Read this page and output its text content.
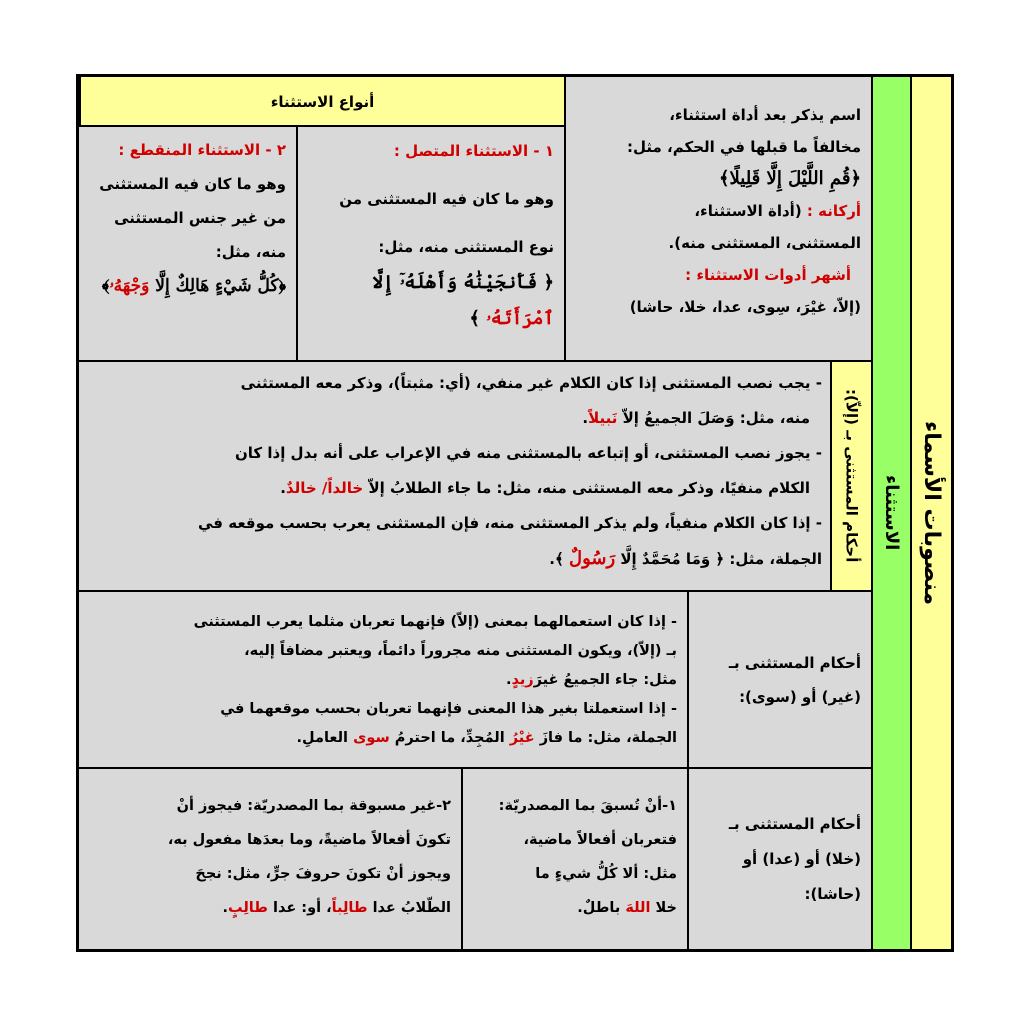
منصوبات الأسماء
الاستثناء
اسم يذكر بعد أداة استثناء،
مخالفاً ما قبلها في الحكم، مثل:
﴿قُمِ اللَّيْلَ إِلَّا قَلِيلًا﴾
أركانه : (أداة الاستثناء،
المستثنى، المستثنى منه).
أشهر أدوات الاستثناء :
(إلاّ، غيْرَ، سِوى، عدا، خلا، حاشا)
أنواع الاستثناء
١ - الاستثناء المتصل :
وهو ما كان فيه المستثنى من
نوع المستثنى منه، مثل:
﴿ فَأَنجَيْنَٰهُ وَأَهْلَهُۥٓ إِلَّا ٱمْرَأَتَهُۥ ﴾
٢ - الاستثناء المنقطع :
وهو ما كان فيه المستثنى
من غير جنس المستثنى
منه، مثل:
﴿كُلُّ شَيْءٍ هَالِكٌ إِلَّا وَجْهَهُۥ﴾
أحكام المستثنى بـ (إلاّ):
- يجب نصب المستثنى إذا كان الكلام غير منفي، (أي: مثبتاً)، وذكر معه المستثنى
منه، مثل: وَصَلَ الجميعُ إلاّ نَبيلاً.
- يجوز نصب المستثنى، أو إتباعه بالمستثنى منه في الإعراب على أنه بدل إذا كان
الكلام منفيًا، وذكر معه المستثنى منه، مثل: ما جاء الطلابُ إلاّ خالداً/ خالدٌ.
- إذا كان الكلام منفياً، ولم يذكر المستثنى منه، فإن المستثنى يعرب بحسب موقعه في
الجملة، مثل: ﴿ وَمَا مُحَمَّدٌ إِلَّا رَسُولٌ ﴾.
أحكام المستثنى بـ
(غير) أو (سوى):
- إذا كان استعمالهما بمعنى (إلاّ) فإنهما تعربان مثلما يعرب المستثنى
بـ (إلاّ)، ويكون المستثنى منه مجروراً دائماً، ويعتبر مضافاً إليه،
مثل: جاء الجميعُ غيرَزيدٍ.
- إذا استعملتا بغير هذا المعنى فإنهما تعربان بحسب موقعهما في
الجملة، مثل: ما فازَ غيْرُ المُجِدِّ، ما احترمُ سوى العاملِ.
أحكام المستثنى بـ
(خلا) أو (عدا) أو
(حاشا):
١-أنْ تُسبقَ بما المصدريّة:
فتعربان أفعالاً ماضية،
مثل: ألا كُلُّ شيءٍ ما
خلا اللهَ باطلٌ.
٢-غير مسبوقة بما المصدريّة: فيجوز أنْ
تكونَ أفعالاً ماضيةً، وما بعدَها مفعول به،
ويجوز أنْ تكونَ حروفَ جرٍّ، مثل: نجحَ
الطّلابُ عدا طالِباً، أو: عدا طالِبٍ.
